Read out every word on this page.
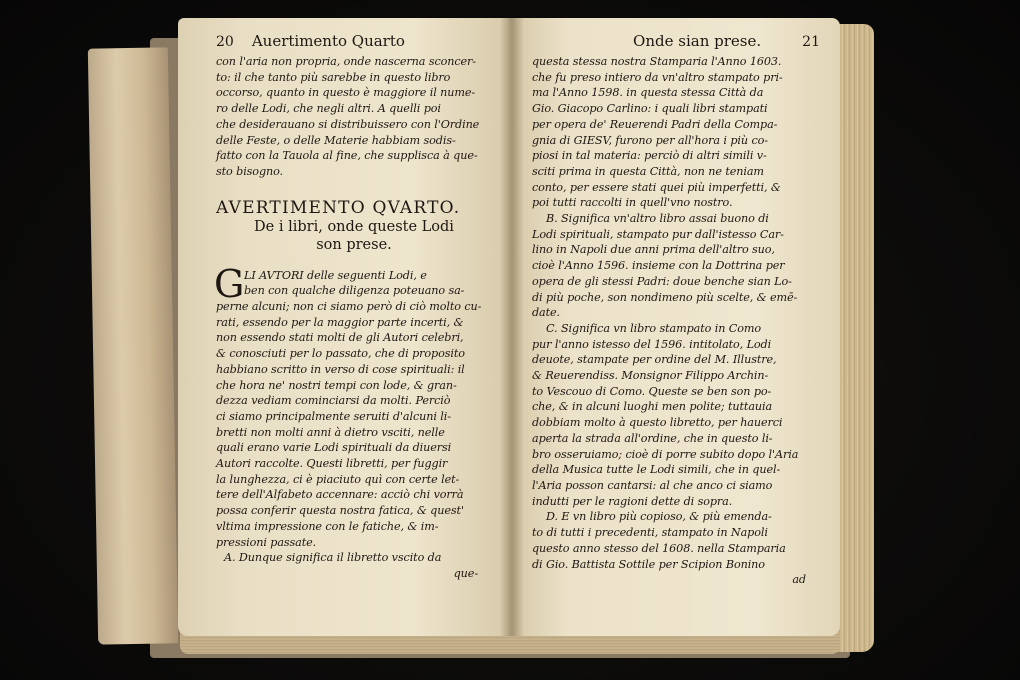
20 Auertimento Quarto
con l'aria non propria, onde nascerna sconcer-
to: il che tanto più sarebbe in questo libro
occorso, quanto in questo è maggiore il nume-
ro delle Lodi, che negli altri. A quelli poi
che desiderauano si distribuissero con l'Ordine
delle Feste, o delle Materie habbiam sodis-
fatto con la Tauola al fine, che supplisca à que-
sto bisogno.
AVERTIMENTO QVARTO.
De i libri, onde queste Lodi
son prese.
G LI AVTORI delle seguenti Lodi, e
ben con qualche diligenza poteuano sa-
perne alcuni; non ci siamo però di ciò molto cu-
rati, essendo per la maggior parte incerti, &
non essendo stati molti de gli Autori celebri,
& conosciuti per lo passato, che di proposito
habbiano scritto in verso di cose spirituali: il
che hora ne' nostri tempi con lode, & gran-
dezza vediam cominciarsi da molti. Perciò
ci siamo principalmente seruiti d'alcuni li-
bretti non molti anni à dietro vsciti, nelle
quali erano varie Lodi spirituali da diuersi
Autori raccolte. Questi libretti, per fuggir
la lunghezza, ci è piaciuto quì con certe let-
tere dell'Alfabeto accennare: acciò chi vorrà
possa conferir questa nostra fatica, & quest'
vltima impressione con le fatiche, & im-
pressioni passate.
A. Dunque significa il libretto vscito da
que-
Onde sian prese.	21
questa stessa nostra Stamparia l'Anno 1603.
che fu preso intiero da vn'altro stampato pri-
ma l'Anno 1598. in questa stessa Città da
Gio. Giacopo Carlino: i quali libri stampati
per opera de' Reuerendi Padri della Compa-
gnia di GIESV, furono per all'hora i più co-
piosi in tal materia: perciò di altri simili v-
sciti prima in questa Città, non ne teniam
conto, per essere stati quei più imperfetti, &
poi tutti raccolti in quell'vno nostro.
B. Significa vn'altro libro assai buono di
Lodi spirituali, stampato pur dall'istesso Car-
lino in Napoli due anni prima dell'altro suo,
cioè l'Anno 1596. insieme con la Dottrina per
opera de gli stessi Padri: doue benche sian Lo-
di più poche, son nondimeno più scelte, & emē-
date.
C. Significa vn libro stampato in Como
pur l'anno istesso del 1596. intitolato, Lodi
deuote, stampate per ordine del M. Illustre,
& Reuerendiss. Monsignor Filippo Archin-
to Vescouo di Como. Queste se ben son po-
che, & in alcuni luoghi men polite; tuttauia
dobbiam molto à questo libretto, per hauerci
aperta la strada all'ordine, che in questo li-
bro osseruiamo; cioè di porre subito dopo l'Aria
della Musica tutte le Lodi simili, che in quel-
l'Aria posson cantarsi: al che anco ci siamo
indutti per le ragioni dette di sopra.
D. E vn libro più copioso, & più emenda-
to di tutti i precedenti, stampato in Napoli
questo anno stesso del 1608. nella Stamparia
di Gio. Battista Sottile per Scipion Bonino
ad
